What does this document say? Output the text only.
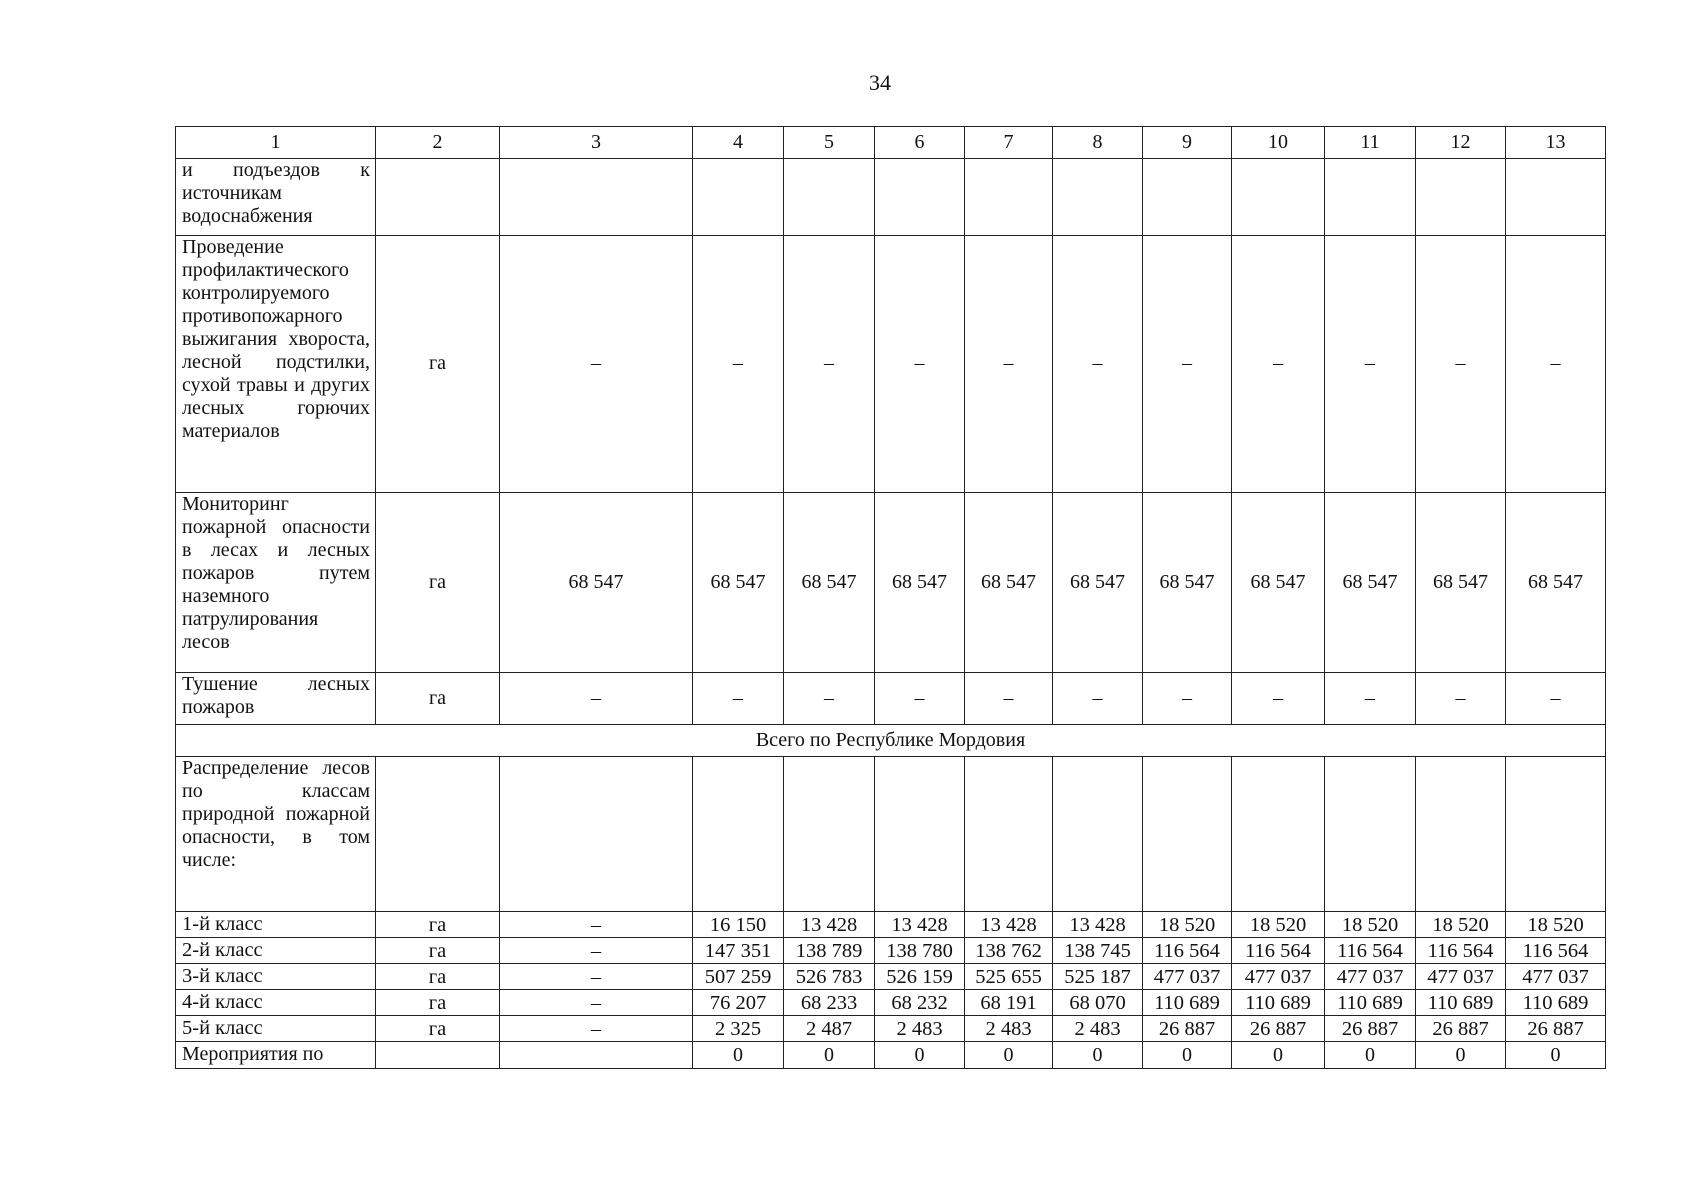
34
1	2	3	4	5	6	7	8	9	10	11	12	13
и подъездов к источникам водоснабжения												
Проведение профилактического контролируемого противопожарного выжигания хвороста, лесной подстилки, сухой травы и других лесных горючих материалов	га	–	–	–	–	–	–	–	–	–	–	–
Мониторинг пожарной опасности в лесах и лесных пожаров путем наземного патрулирования лесов	га	68 547	68 547	68 547	68 547	68 547	68 547	68 547	68 547	68 547	68 547	68 547
Тушение лесных пожаров	га	–	–	–	–	–	–	–	–	–	–	–
Всего по Республике Мордовия												
Распределение лесов по классам природной пожарной опасности, в том числе:												
1-й класс	га	–	16 150	13 428	13 428	13 428	13 428	18 520	18 520	18 520	18 520	18 520
2-й класс	га	–	147 351	138 789	138 780	138 762	138 745	116 564	116 564	116 564	116 564	116 564
3-й класс	га	–	507 259	526 783	526 159	525 655	525 187	477 037	477 037	477 037	477 037	477 037
4-й класс	га	–	76 207	68 233	68 232	68 191	68 070	110 689	110 689	110 689	110 689	110 689
5-й класс	га	–	2 325	2 487	2 483	2 483	2 483	26 887	26 887	26 887	26 887	26 887
Мероприятия по			0	0	0	0	0	0	0	0	0	0
